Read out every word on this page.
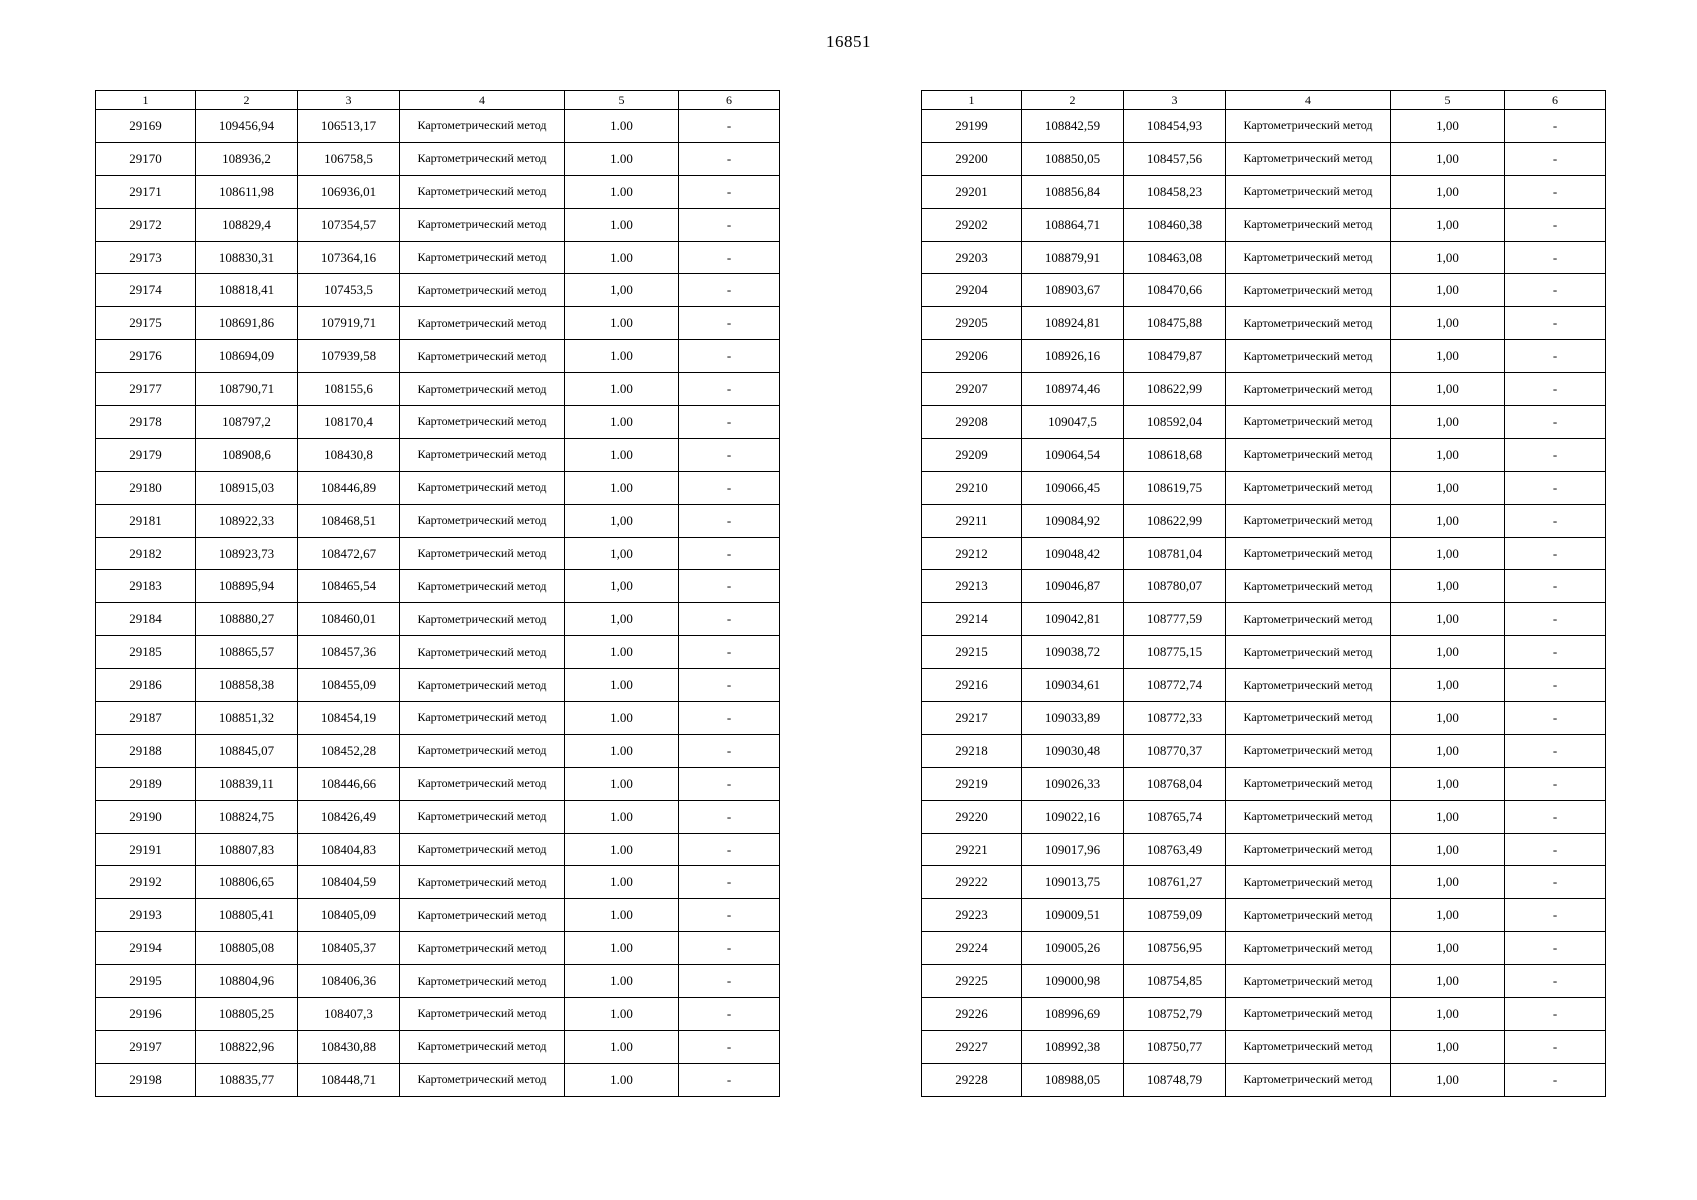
16851
1	2	3	4	5	6
29169	109456,94	106513,17	Картометрический метод	1.00	-
29170	108936,2	106758,5	Картометрический метод	1.00	-
29171	108611,98	106936,01	Картометрический метод	1.00	-
29172	108829,4	107354,57	Картометрический метод	1.00	-
29173	108830,31	107364,16	Картометрический метод	1.00	-
29174	108818,41	107453,5	Картометрический метод	1,00	-
29175	108691,86	107919,71	Картометрический метод	1.00	-
29176	108694,09	107939,58	Картометрический метод	1.00	-
29177	108790,71	108155,6	Картометрический метод	1.00	-
29178	108797,2	108170,4	Картометрический метод	1.00	-
29179	108908,6	108430,8	Картометрический метод	1.00	-
29180	108915,03	108446,89	Картометрический метод	1.00	-
29181	108922,33	108468,51	Картометрический метод	1,00	-
29182	108923,73	108472,67	Картометрический метод	1,00	-
29183	108895,94	108465,54	Картометрический метод	1,00	-
29184	108880,27	108460,01	Картометрический метод	1,00	-
29185	108865,57	108457,36	Картометрический метод	1.00	-
29186	108858,38	108455,09	Картометрический метод	1.00	-
29187	108851,32	108454,19	Картометрический метод	1.00	-
29188	108845,07	108452,28	Картометрический метод	1.00	-
29189	108839,11	108446,66	Картометрический метод	1.00	-
29190	108824,75	108426,49	Картометрический метод	1.00	-
29191	108807,83	108404,83	Картометрический метод	1.00	-
29192	108806,65	108404,59	Картометрический метод	1.00	-
29193	108805,41	108405,09	Картометрический метод	1.00	-
29194	108805,08	108405,37	Картометрический метод	1.00	-
29195	108804,96	108406,36	Картометрический метод	1.00	-
29196	108805,25	108407,3	Картометрический метод	1.00	-
29197	108822,96	108430,88	Картометрический метод	1.00	-
29198	108835,77	108448,71	Картометрический метод	1.00	-
1	2	3	4	5	6
29199	108842,59	108454,93	Картометрический метод	1,00	-
29200	108850,05	108457,56	Картометрический метод	1,00	-
29201	108856,84	108458,23	Картометрический метод	1,00	-
29202	108864,71	108460,38	Картометрический метод	1,00	-
29203	108879,91	108463,08	Картометрический метод	1,00	-
29204	108903,67	108470,66	Картометрический метод	1,00	-
29205	108924,81	108475,88	Картометрический метод	1,00	-
29206	108926,16	108479,87	Картометрический метод	1,00	-
29207	108974,46	108622,99	Картометрический метод	1,00	-
29208	109047,5	108592,04	Картометрический метод	1,00	-
29209	109064,54	108618,68	Картометрический метод	1,00	-
29210	109066,45	108619,75	Картометрический метод	1,00	-
29211	109084,92	108622,99	Картометрический метод	1,00	-
29212	109048,42	108781,04	Картометрический метод	1,00	-
29213	109046,87	108780,07	Картометрический метод	1,00	-
29214	109042,81	108777,59	Картометрический метод	1,00	-
29215	109038,72	108775,15	Картометрический метод	1,00	-
29216	109034,61	108772,74	Картометрический метод	1,00	-
29217	109033,89	108772,33	Картометрический метод	1,00	-
29218	109030,48	108770,37	Картометрический метод	1,00	-
29219	109026,33	108768,04	Картометрический метод	1,00	-
29220	109022,16	108765,74	Картометрический метод	1,00	-
29221	109017,96	108763,49	Картометрический метод	1,00	-
29222	109013,75	108761,27	Картометрический метод	1,00	-
29223	109009,51	108759,09	Картометрический метод	1,00	-
29224	109005,26	108756,95	Картометрический метод	1,00	-
29225	109000,98	108754,85	Картометрический метод	1,00	-
29226	108996,69	108752,79	Картометрический метод	1,00	-
29227	108992,38	108750,77	Картометрический метод	1,00	-
29228	108988,05	108748,79	Картометрический метод	1,00	-
